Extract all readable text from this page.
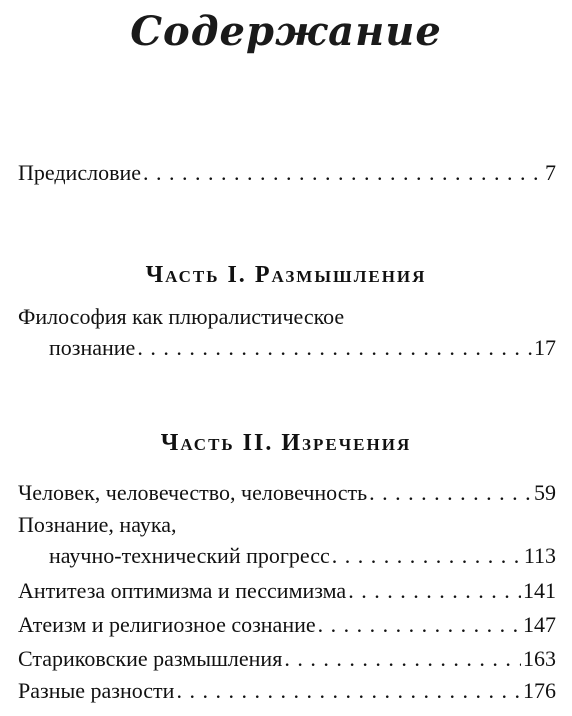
Содержание
Предисловие . . .	7
Часть I. Размышления
Философия как плюралистическое
познание . . .	17
Часть II. Изречения
Человек, человечество, человечность . . .	59
Познание, наука,
научно-технический прогресс . . .	113
Антитеза оптимизма и пессимизма . . .	141
Атеизм и религиозное сознание . . .	147
Стариковские размышления . . .	163
Разные разности . . .	176
